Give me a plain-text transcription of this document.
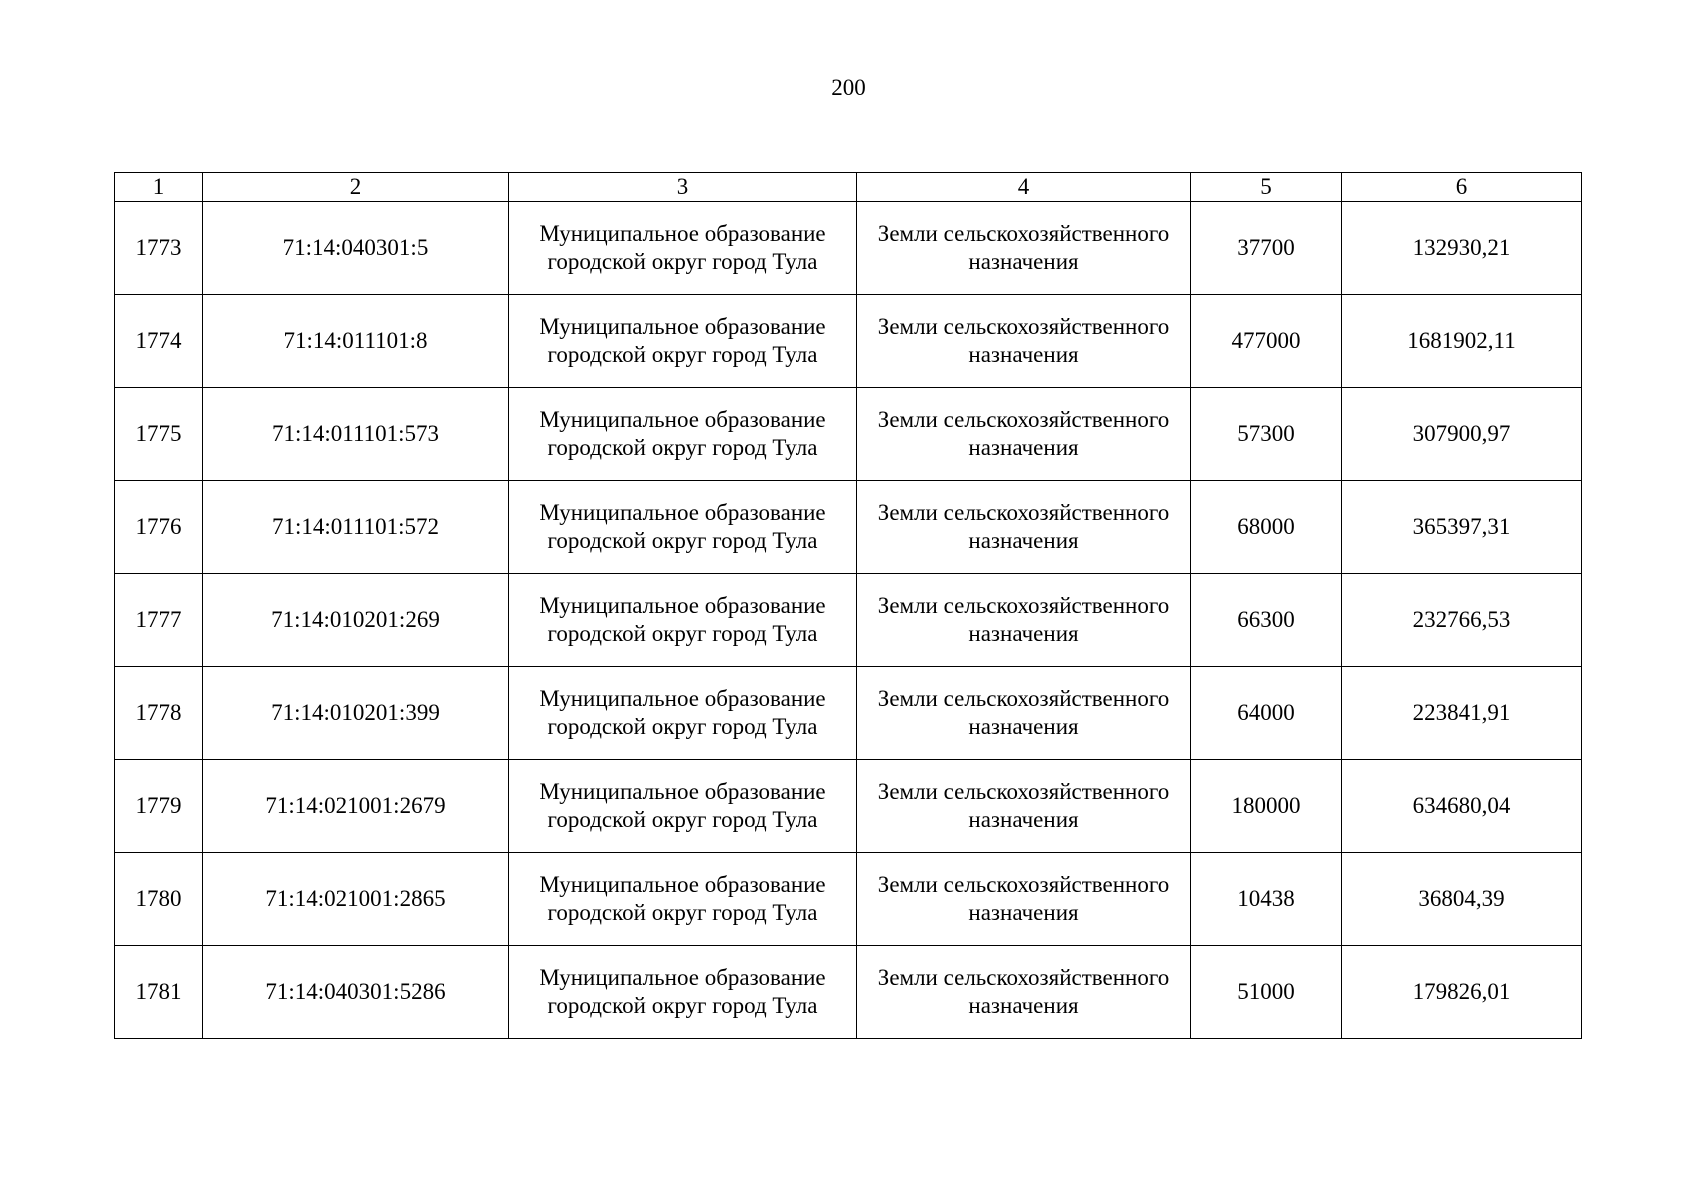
200
1	2	3	4	5	6
1773	71:14:040301:5	Муниципальное образование городской округ город Тула	Земли сельскохозяйственного назначения	37700	132930,21
1774	71:14:011101:8	Муниципальное образование городской округ город Тула	Земли сельскохозяйственного назначения	477000	1681902,11
1775	71:14:011101:573	Муниципальное образование городской округ город Тула	Земли сельскохозяйственного назначения	57300	307900,97
1776	71:14:011101:572	Муниципальное образование городской округ город Тула	Земли сельскохозяйственного назначения	68000	365397,31
1777	71:14:010201:269	Муниципальное образование городской округ город Тула	Земли сельскохозяйственного назначения	66300	232766,53
1778	71:14:010201:399	Муниципальное образование городской округ город Тула	Земли сельскохозяйственного назначения	64000	223841,91
1779	71:14:021001:2679	Муниципальное образование городской округ город Тула	Земли сельскохозяйственного назначения	180000	634680,04
1780	71:14:021001:2865	Муниципальное образование городской округ город Тула	Земли сельскохозяйственного назначения	10438	36804,39
1781	71:14:040301:5286	Муниципальное образование городской округ город Тула	Земли сельскохозяйственного назначения	51000	179826,01
